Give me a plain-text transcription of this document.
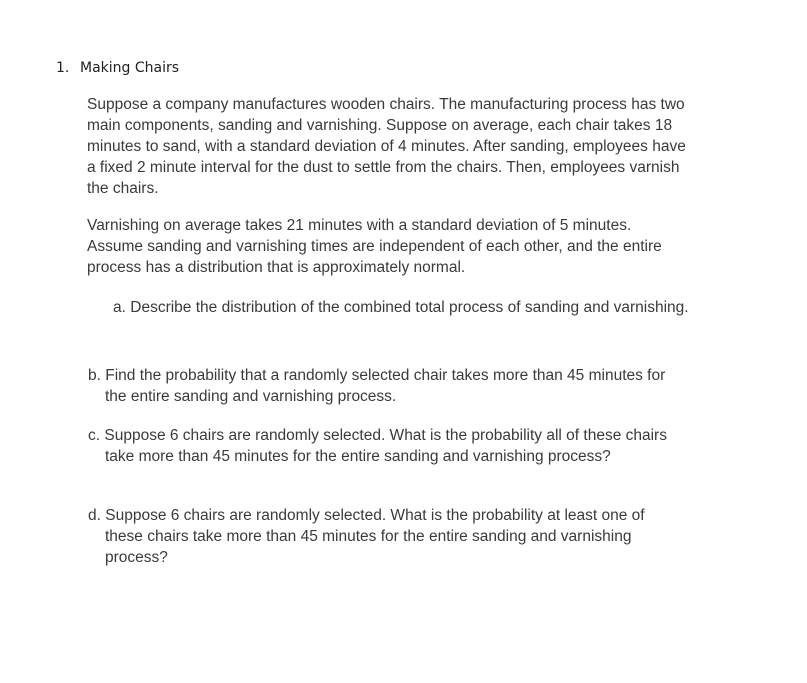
1. Making Chairs

Suppose a company manufactures wooden chairs. The manufacturing process has two main components, sanding and varnishing. Suppose on average, each chair takes 18 minutes to sand, with a standard deviation of 4 minutes. After sanding, employees have a fixed 2 minute interval for the dust to settle from the chairs. Then, employees varnish the chairs.

Varnishing on average takes 21 minutes with a standard deviation of 5 minutes. Assume sanding and varnishing times are independent of each other, and the entire process has a distribution that is approximately normal.

a. Describe the distribution of the combined total process of sanding and varnishing.

b. Find the probability that a randomly selected chair takes more than 45 minutes for the entire sanding and varnishing process.

c. Suppose 6 chairs are randomly selected. What is the probability all of these chairs take more than 45 minutes for the entire sanding and varnishing process?

d. Suppose 6 chairs are randomly selected. What is the probability at least one of these chairs take more than 45 minutes for the entire sanding and varnishing process?
